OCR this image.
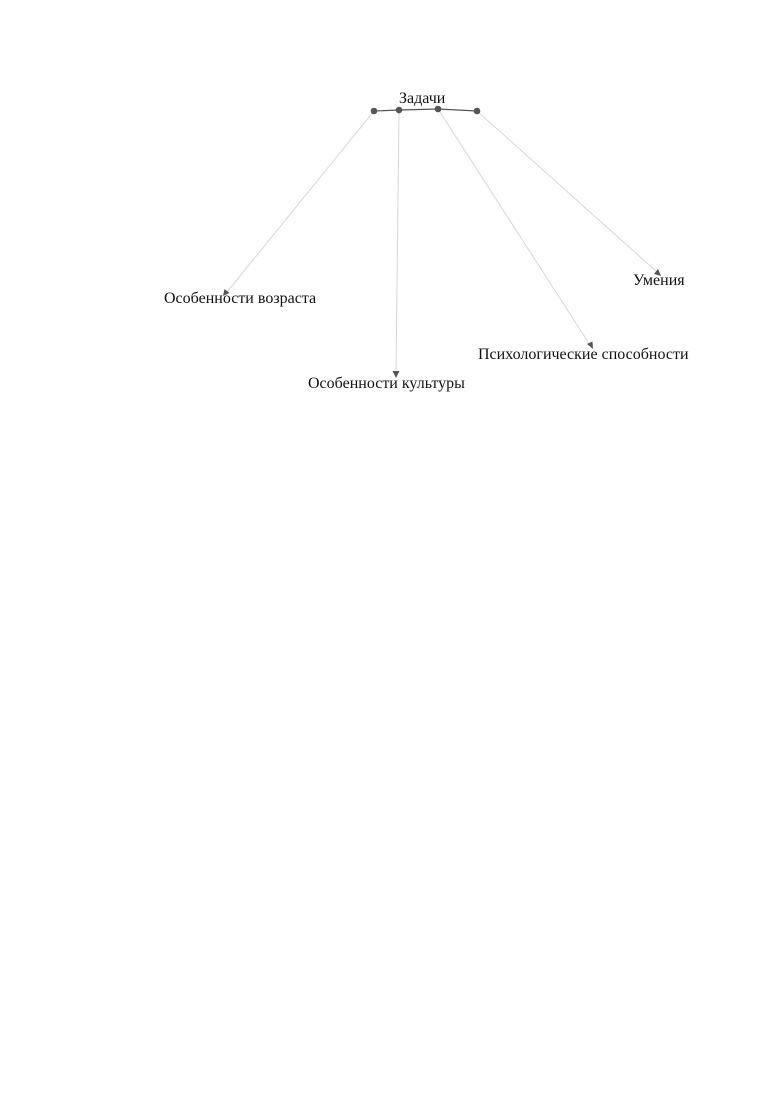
Задачи
Особенности возраста
Особенности культуры
Психологические способности
Умения
